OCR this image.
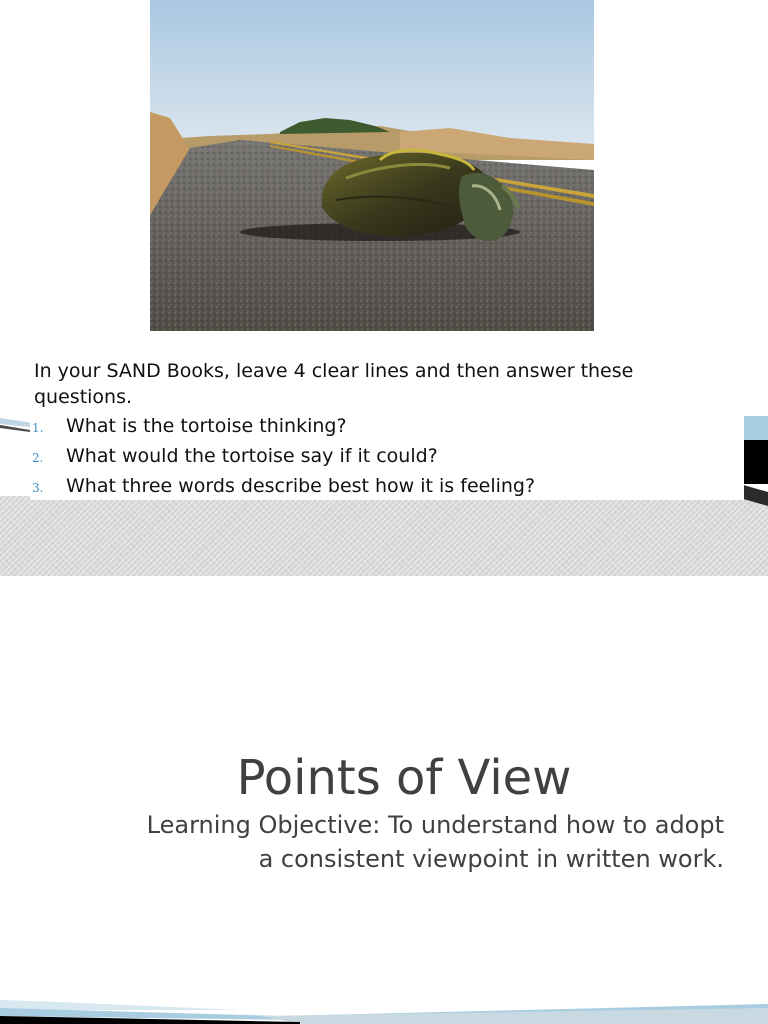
In your SAND Books, leave 4 clear lines and then answer these questions.
1.	What is the tortoise thinking?
2.	What would the tortoise say if it could?
3.	What three words describe best how it is feeling?
Points of View
Learning Objective: To understand how to adopt
a consistent viewpoint in written work.
